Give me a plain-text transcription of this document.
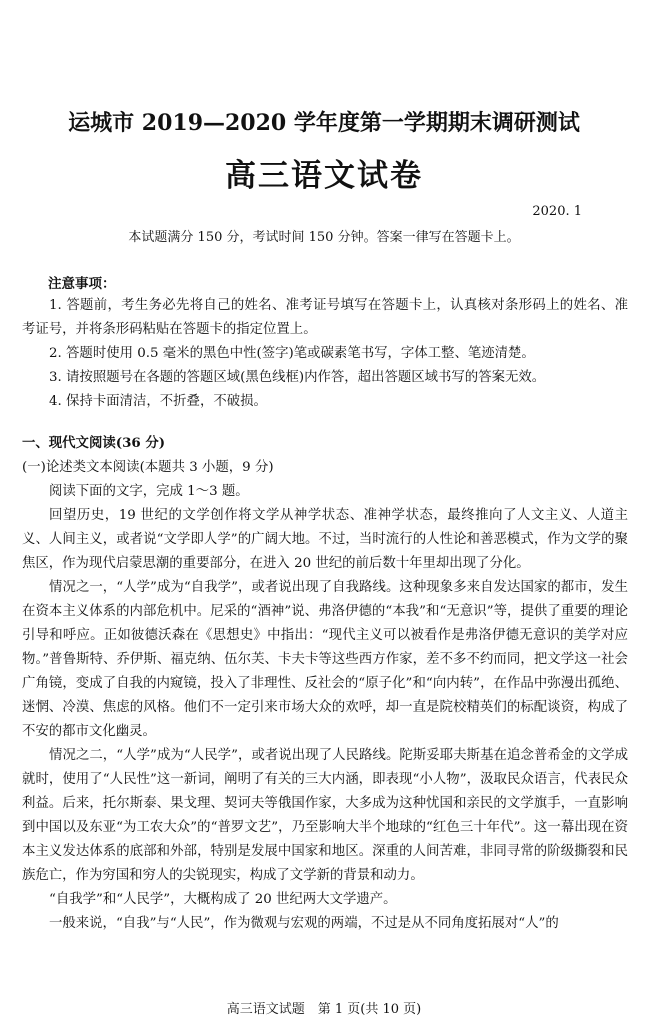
运城市 2019—2020 学年度第一学期期末调研测试
高三语文试卷
2020. 1
本试题满分 150 分，考试时间 150 分钟。答案一律写在答题卡上。
注意事项：

1. 答题前，考生务必先将自己的姓名、准考证号填写在答题卡上，认真核对条形码上的姓名、准考证号，并将条形码粘贴在答题卡的指定位置上。

2. 答题时使用 0.5 毫米的黑色中性(签字)笔或碳素笔书写，字体工整、笔迹清楚。

3. 请按照题号在各题的答题区域(黑色线框)内作答，超出答题区域书写的答案无效。

4. 保持卡面清洁，不折叠，不破损。

一、现代文阅读(36 分)
(一)论述类文本阅读(本题共 3 小题，9 分)
阅读下面的文字，完成 1～3 题。

回望历史，19 世纪的文学创作将文学从神学状态、准神学状态，最终推向了人文主义、人道主义、人间主义，或者说“文学即人学”的广阔大地。不过，当时流行的人性论和善恶模式，作为文学的聚焦区，作为现代启蒙思潮的重要部分，在进入 20 世纪的前后数十年里却出现了分化。

情况之一，“人学”成为“自我学”，或者说出现了自我路线。这种现象多来自发达国家的都市，发生在资本主义体系的内部危机中。尼采的“酒神”说、弗洛伊德的“本我”和“无意识”等，提供了重要的理论引导和呼应。正如彼德沃森在《思想史》中指出：“现代主义可以被看作是弗洛伊德无意识的美学对应物。”普鲁斯特、乔伊斯、福克纳、伍尔芙、卡夫卡等这些西方作家，差不多不约而同，把文学这一社会广角镜，变成了自我的内窥镜，投入了非理性、反社会的“原子化”和“向内转”，在作品中弥漫出孤绝、迷惘、冷漠、焦虑的风格。他们不一定引来市场大众的欢呼，却一直是院校精英们的标配谈资，构成了不安的都市文化幽灵。

情况之二，“人学”成为“人民学”，或者说出现了人民路线。陀斯妥耶夫斯基在追念普希金的文学成就时，使用了“人民性”这一新词，阐明了有关的三大内涵，即表现“小人物”，汲取民众语言，代表民众利益。后来，托尔斯泰、果戈理、契诃夫等俄国作家，大多成为这种忧国和亲民的文学旗手，一直影响到中国以及东亚“为工农大众”的“普罗文艺”，乃至影响大半个地球的“红色三十年代”。这一幕出现在资本主义发达体系的底部和外部，特别是发展中国家和地区。深重的人间苦难，非同寻常的阶级撕裂和民族危亡，作为穷国和穷人的尖锐现实，构成了文学新的背景和动力。

“自我学”和“人民学”，大概构成了 20 世纪两大文学遗产。

一般来说，“自我”与“人民”，作为微观与宏观的两端，不过是从不同角度拓展对“人”的

高三语文试题　第 1 页(共 10 页)
